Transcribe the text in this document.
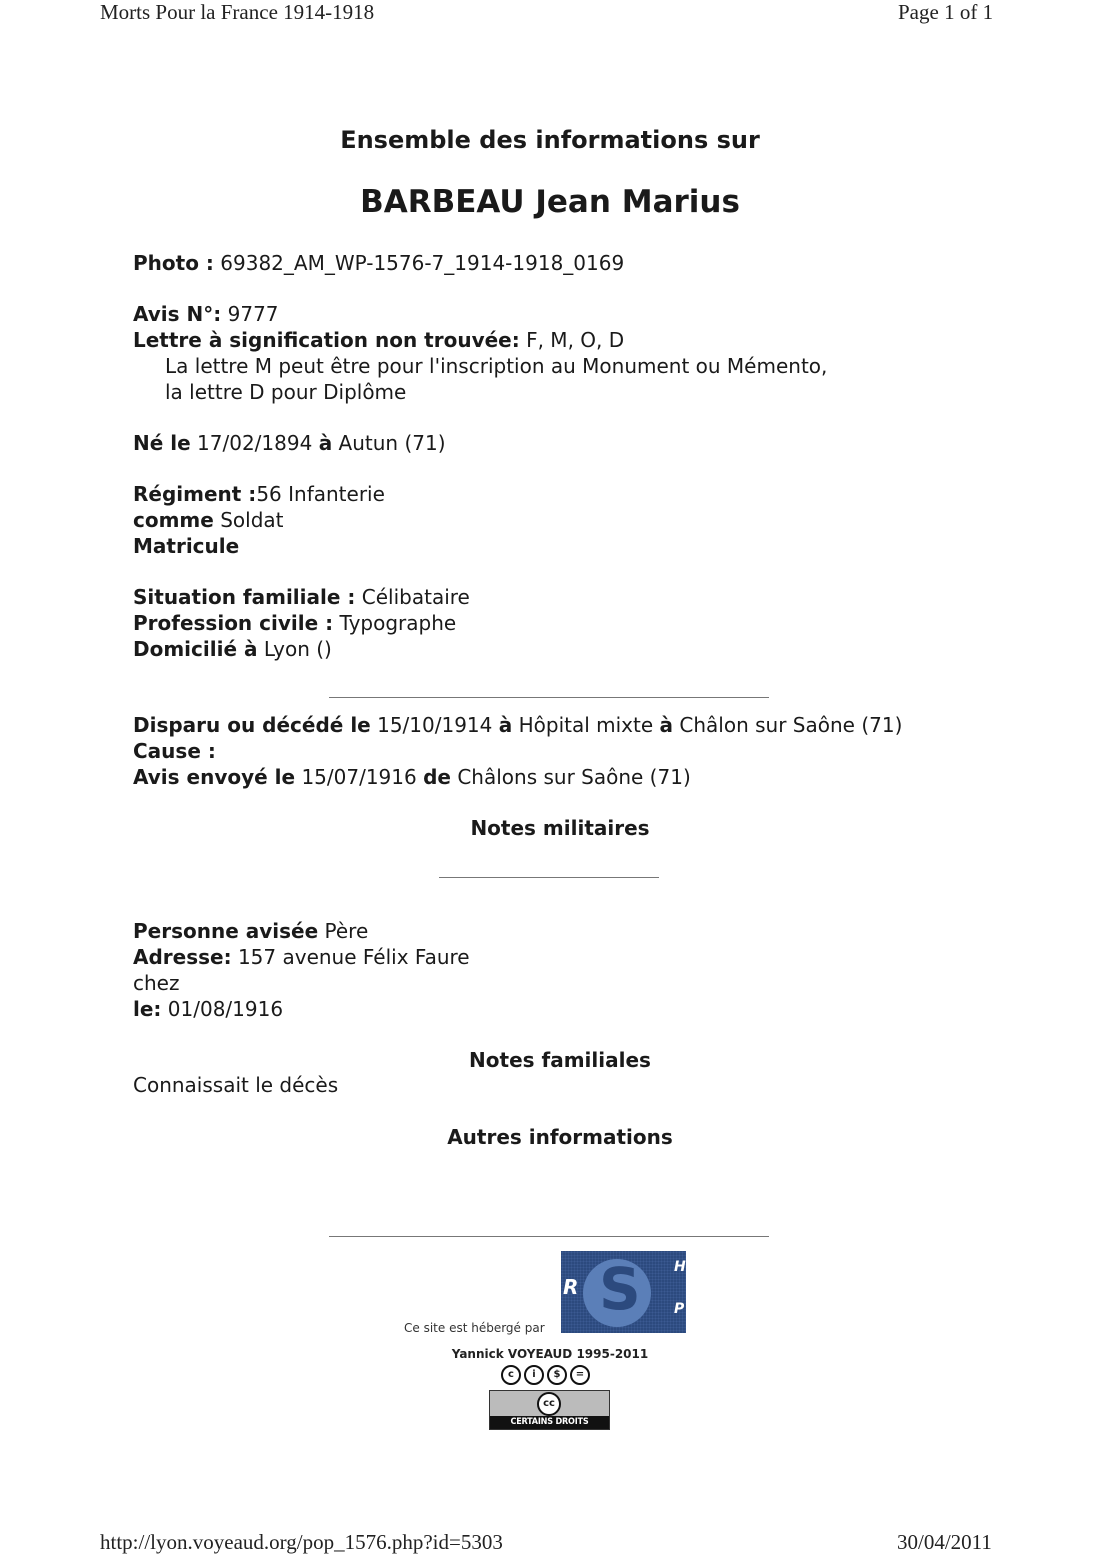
Morts Pour la France 1914-1918	Page 1 of 1
Ensemble des informations sur
BARBEAU Jean Marius
Photo : 69382_AM_WP-1576-7_1914-1918_0169
Avis N°: 9777
Lettre à signification non trouvée: F, M, O, D
La lettre M peut être pour l'inscription au Monument ou Mémento,
la lettre D pour Diplôme
Né le 17/02/1894 à Autun (71)
Régiment :56 Infanterie
comme Soldat
Matricule
Situation familiale : Célibataire
Profession civile : Typographe
Domicilié à Lyon ()
Disparu ou décédé le 15/10/1914 à Hôpital mixte à Châlon sur Saône (71)
Cause :
Avis envoyé le 15/07/1916 de Châlons sur Saône (71)
Notes militaires
Personne avisée Père
Adresse: 157 avenue Félix Faure
chez
le: 01/08/1916
Notes familiales
Connaissait le décès
Autres informations
Ce site est hébergé par
S
R
H
P
Yannick VOYEAUD 1995-2011
c	i	$	=
cc
CERTAINS DROITS RESERVES
http://lyon.voyeaud.org/pop_1576.php?id=5303	30/04/2011
